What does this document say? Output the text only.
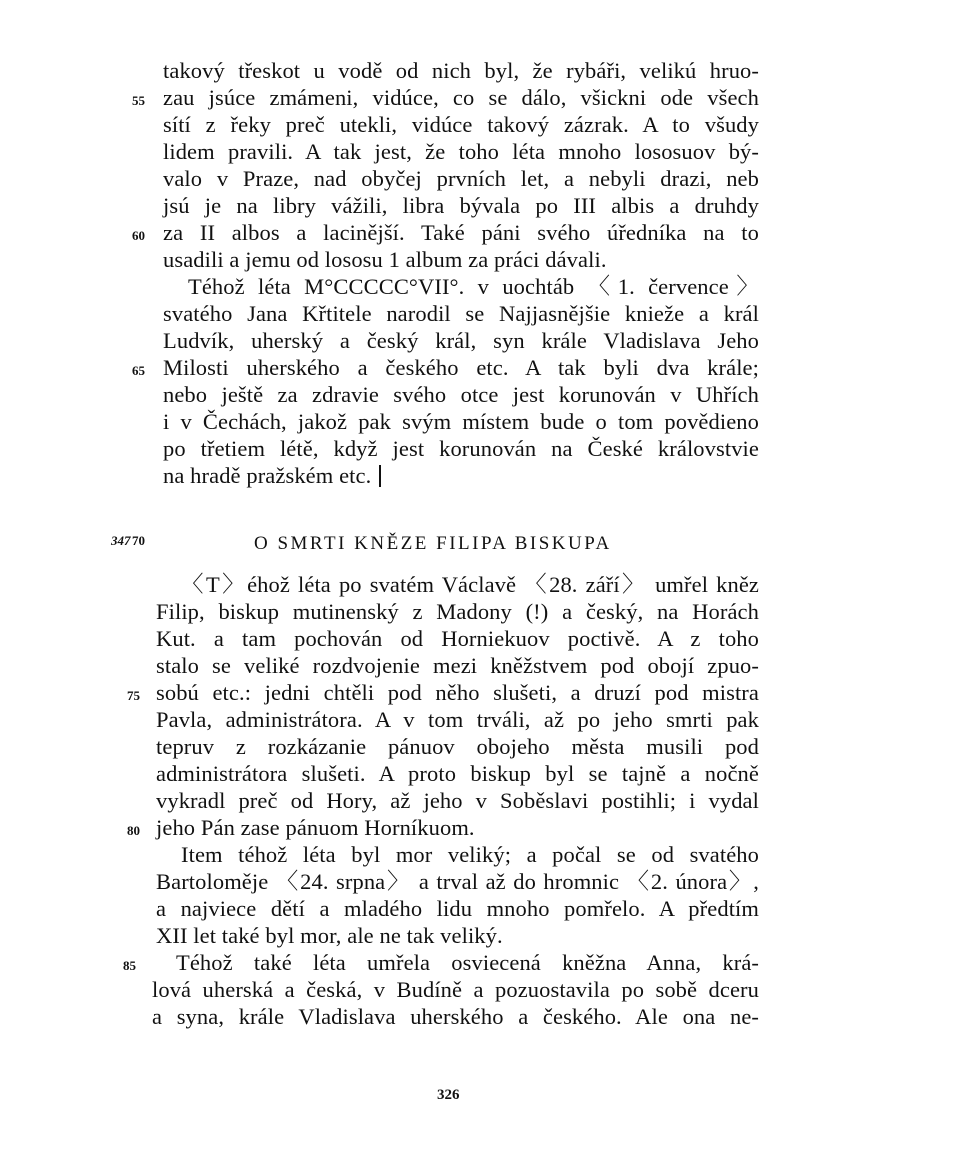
takový třeskot u vodě od nich byl, že rybáři, velikú hruo-
zau jsúce zmámeni, vidúce, co se dálo, všickni ode všech
sítí z řeky preč utekli, vidúce takový zázrak. A to všudy
lidem pravili. A tak jest, že toho léta mnoho lososuov bý-
valo v Praze, nad obyčej prvních let, a nebyli drazi, neb
jsú je na libry vážili, libra bývala po III albis a druhdy
za II albos a lacinější. Také páni svého úředníka na to
usadili a jemu od lososu 1 album za práci dávali.
Téhož léta M°CCCCC°VII°. v uochtáb 〈1. července〉
svatého Jana Křtitele narodil se Najjasnějšie knieže a král
Ludvík, uherský a český král, syn krále Vladislava Jeho
Milosti uherského a českého etc. A tak byli dva krále;
nebo ještě za zdravie svého otce jest korunován v Uhřích
i v Čechách, jakož pak svým místem bude o tom povědieno
po třetiem létě, když jest korunován na České královstvie
na hradě pražském etc.
347	O SMRTI KNĚZE FILIPA BISKUPA
〈T〉éhož léta po svatém Václavě 〈28. září〉 umřel kněz
Filip, biskup mutinenský z Madony (!) a český, na Horách
Kut. a tam pochován od Horniekuov poctivě. A z toho
stalo se veliké rozdvojenie mezi kněžstvem pod obojí zpuo-
sobú etc.: jedni chtěli pod něho slušeti, a druzí pod mistra
Pavla, administrátora. A v tom trváli, až po jeho smrti pak
tepruv z rozkázanie pánuov obojeho města musili pod
administrátora slušeti. A proto biskup byl se tajně a nočně
vykradl preč od Hory, až jeho v Soběslavi postihli; i vydal
jeho Pán zase pánuom Horníkuom.
Item téhož léta byl mor veliký; a počal se od svatého
Bartoloměje 〈24. srpna〉 a trval až do hromnic 〈2. února〉,
a najviece dětí a mladého lidu mnoho pomřelo. A předtím
XII let také byl mor, ale ne tak veliký.
Téhož také léta umřela osviecená kněžna Anna, krá-
lová uherská a česká, v Budíně a pozuostavila po sobě dceru
a syna, krále Vladislava uherského a českého. Ale ona ne-
55
60
65
70
75
80
85
326
